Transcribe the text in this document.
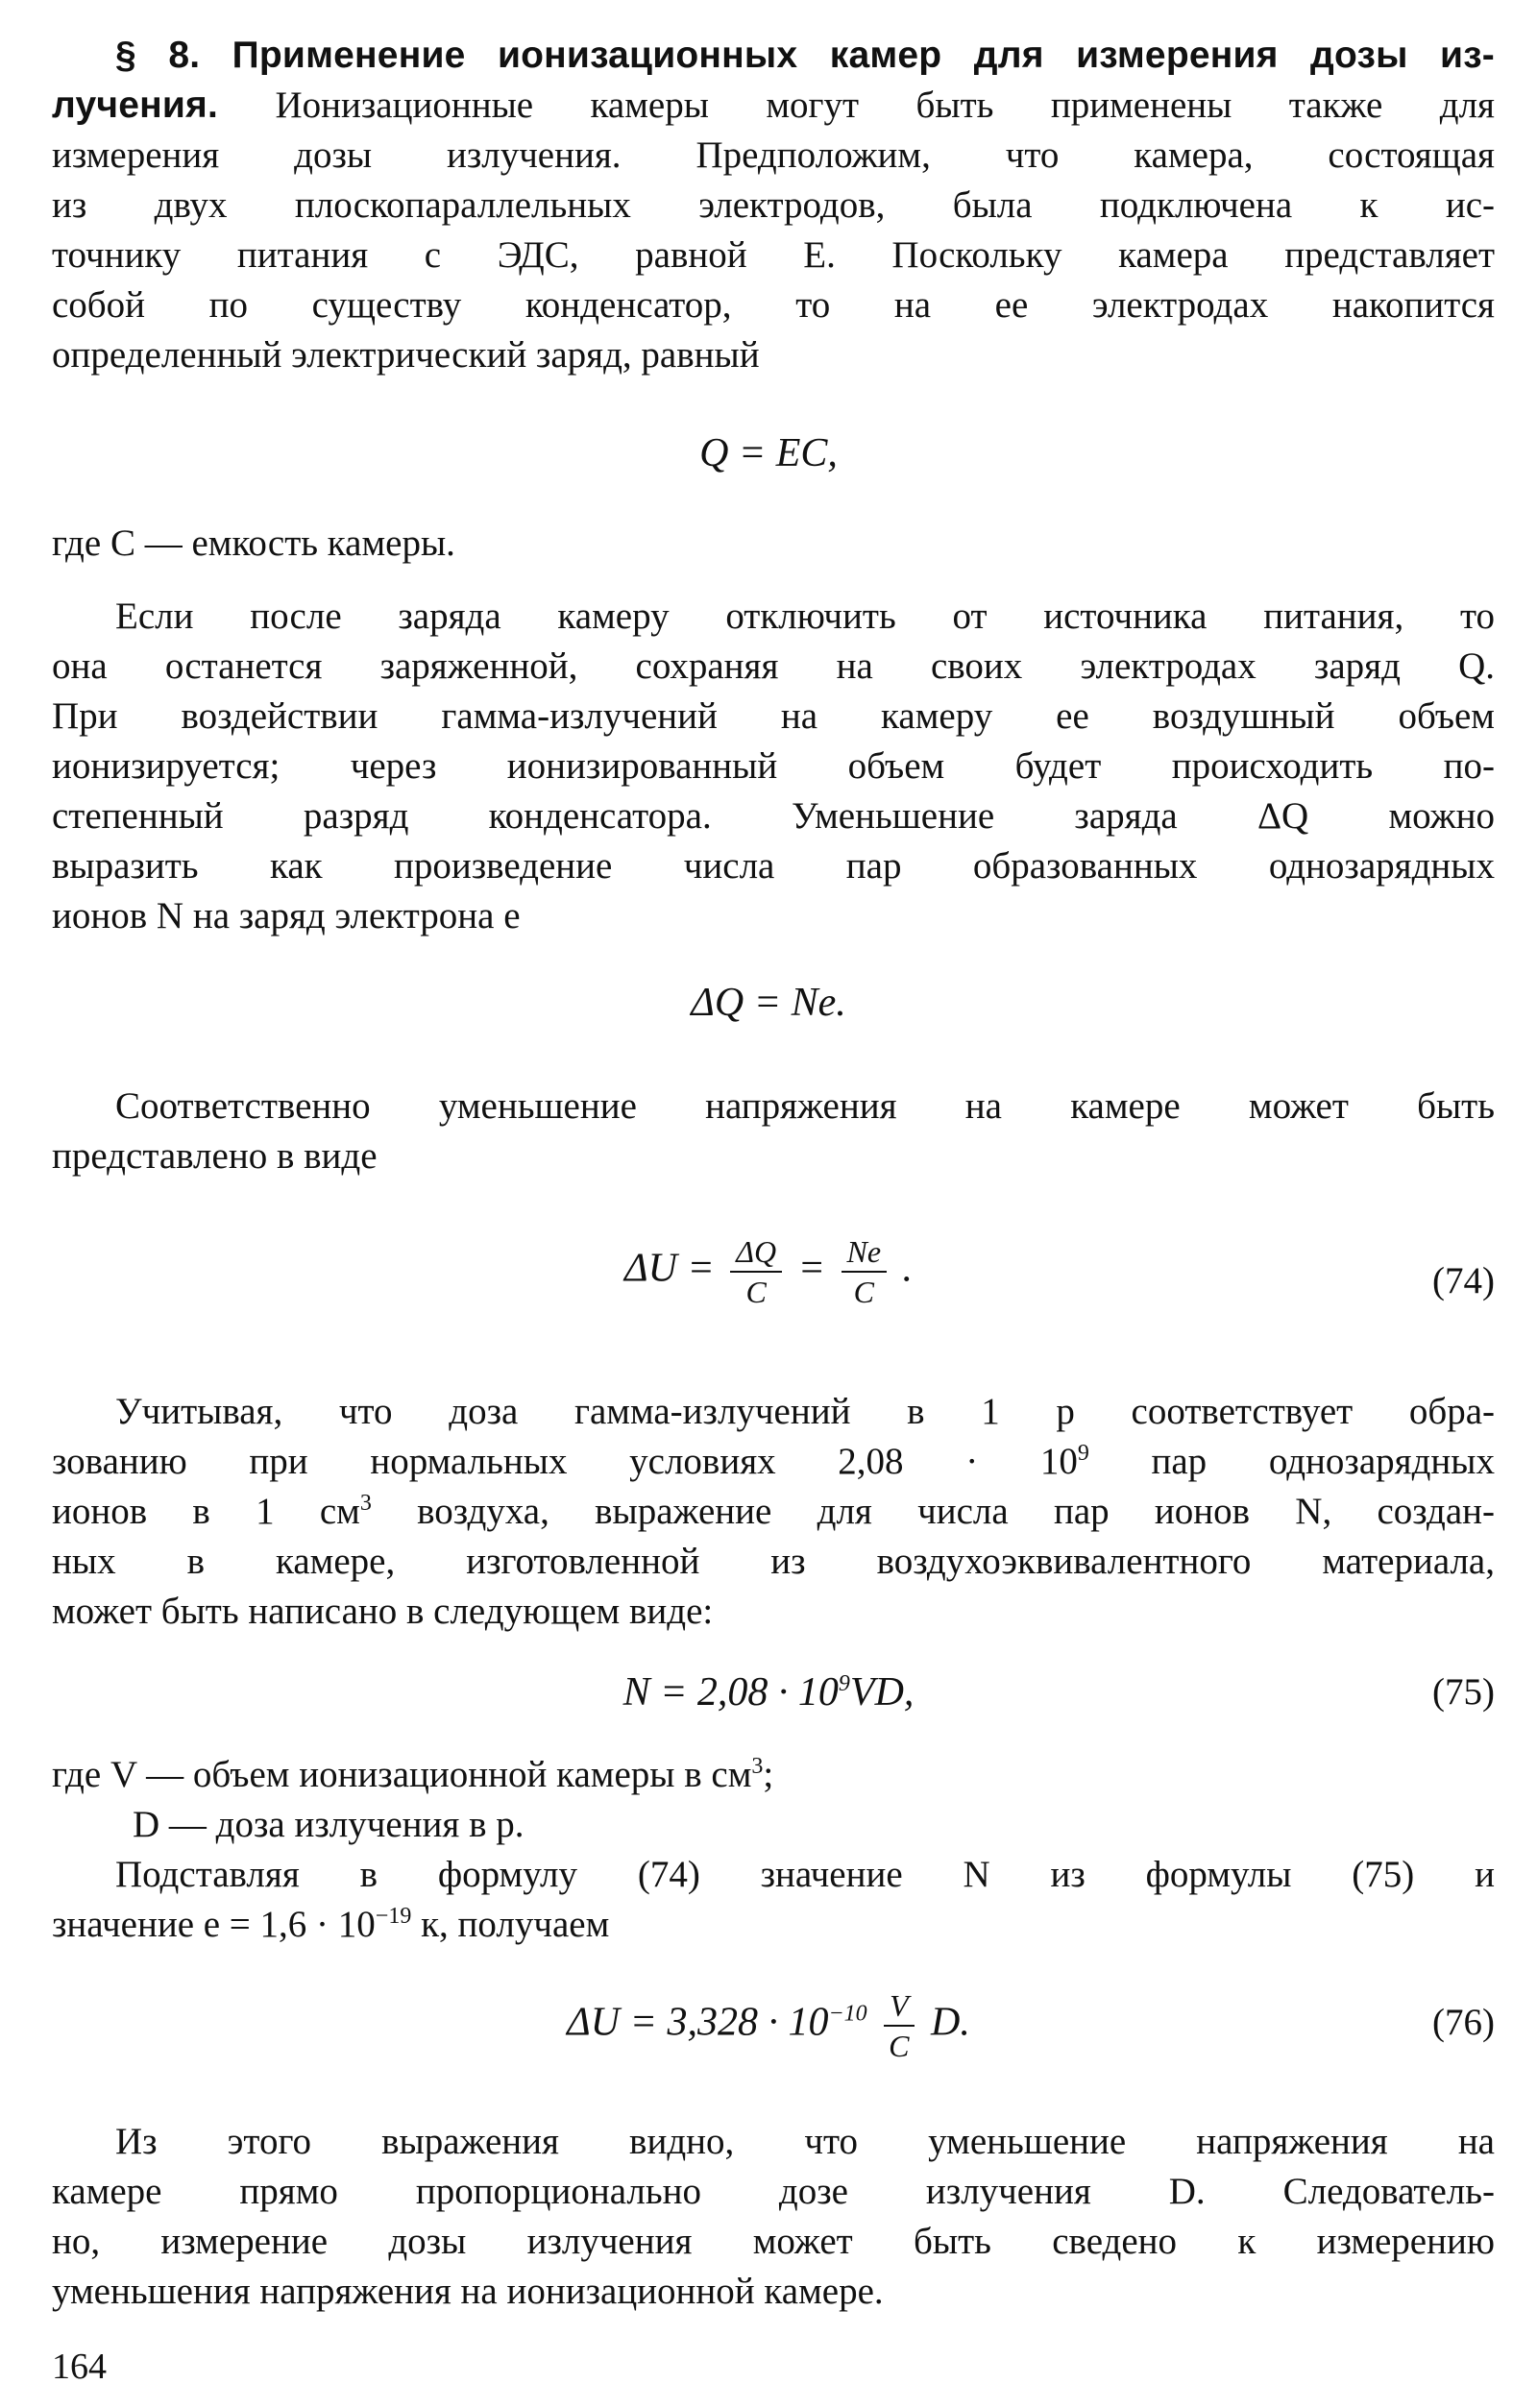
§ 8. Применение ионизационных камер для измерения дозы из-
лучения. Ионизационные камеры могут быть применены также для
измерения дозы излучения. Предположим, что камера, состоящая
из двух плоскопараллельных электродов, была подключена к ис-
точнику питания с ЭДС, равной E. Поскольку камера представляет
собой по существу конденсатор, то на ее электродах накопится
определенный электрический заряд, равный
Q = EC,
где C — емкость камеры.
Если после заряда камеру отключить от источника питания, то
она останется заряженной, сохраняя на своих электродах заряд Q.
При воздействии гамма-излучений на камеру ее воздушный объем
ионизируется; через ионизированный объем будет происходить по-
степенный разряд конденсатора. Уменьшение заряда ΔQ можно
выразить как произведение числа пар образованных однозарядных
ионов N на заряд электрона e
ΔQ = Ne.
Соответственно уменьшение напряжения на камере может быть
представлено в виде
$\Delta U = \frac{\Delta Q}{C} = \frac{Ne}{C}$ .	(74)
Учитывая, что доза гамма-излучений в 1 р соответствует обра-
зованию при нормальных условиях $2,08 \cdot 10^9$ пар однозарядных
ионов в 1 $см^3$ воздуха, выражение для числа пар ионов N, создан-
ных в камере, изготовленной из воздухоэквивалентного материала,
может быть написано в следующем виде:
$N = 2,08 \cdot 10^9VD$,	(75)
где V — объем ионизационной камеры в $см^3$;
D — доза излучения в р.
Подставляя в формулу (74) значение N из формулы (75) и
значение $e = 1,6 \cdot 10^{-19}$ к, получаем
$\Delta U = 3,328 \cdot 10^{-10} \frac{V}{C} D$.	(76)
Из этого выражения видно, что уменьшение напряжения на
камере прямо пропорционально дозе излучения D. Следователь-
но, измерение дозы излучения может быть сведено к измерению
уменьшения напряжения на ионизационной камере.
164
